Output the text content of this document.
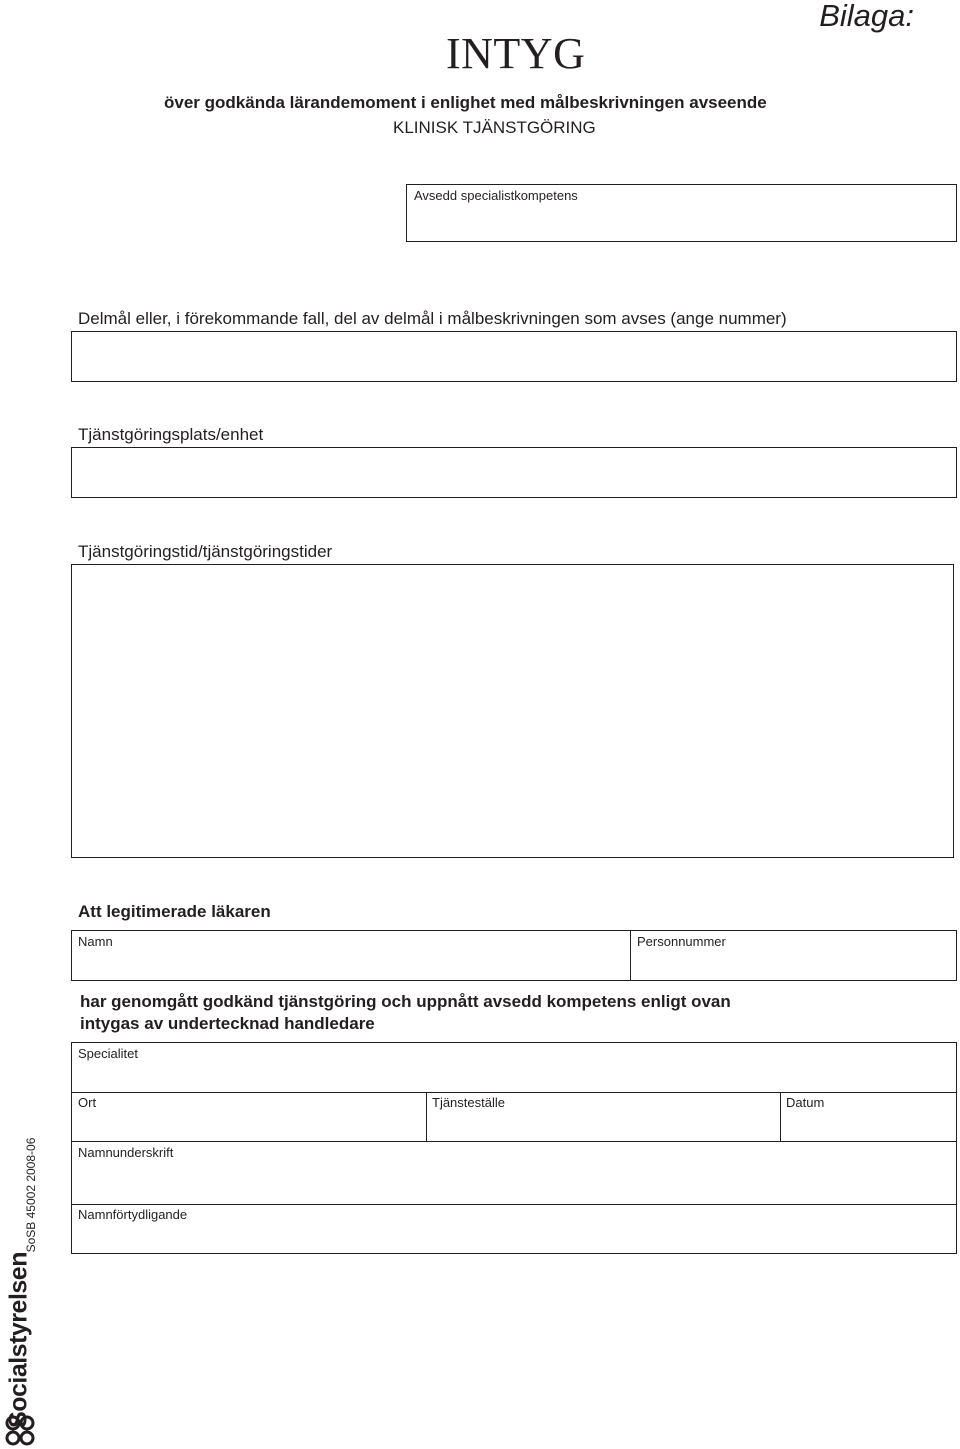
Bilaga:
INTYG
över godkända lärandemoment i enlighet med målbeskrivningen avseende
KLINISK TJÄNSTGÖRING
Avsedd specialistkompetens
Delmål eller, i förekommande fall, del av delmål i målbeskrivningen som avses (ange nummer)
Tjänstgöringsplats/enhet
Tjänstgöringstid/tjänstgöringstider
Att legitimerade läkaren
Namn	Personnummer
har genomgått godkänd tjänstgöring och uppnått avsedd kompetens enligt ovan
intygas av undertecknad handledare
Specialitet
Ort	Tjänsteställe	Datum
Namnunderskrift
Namnförtydligande
SoSB 45002 2008-06
Socialstyrelsen
